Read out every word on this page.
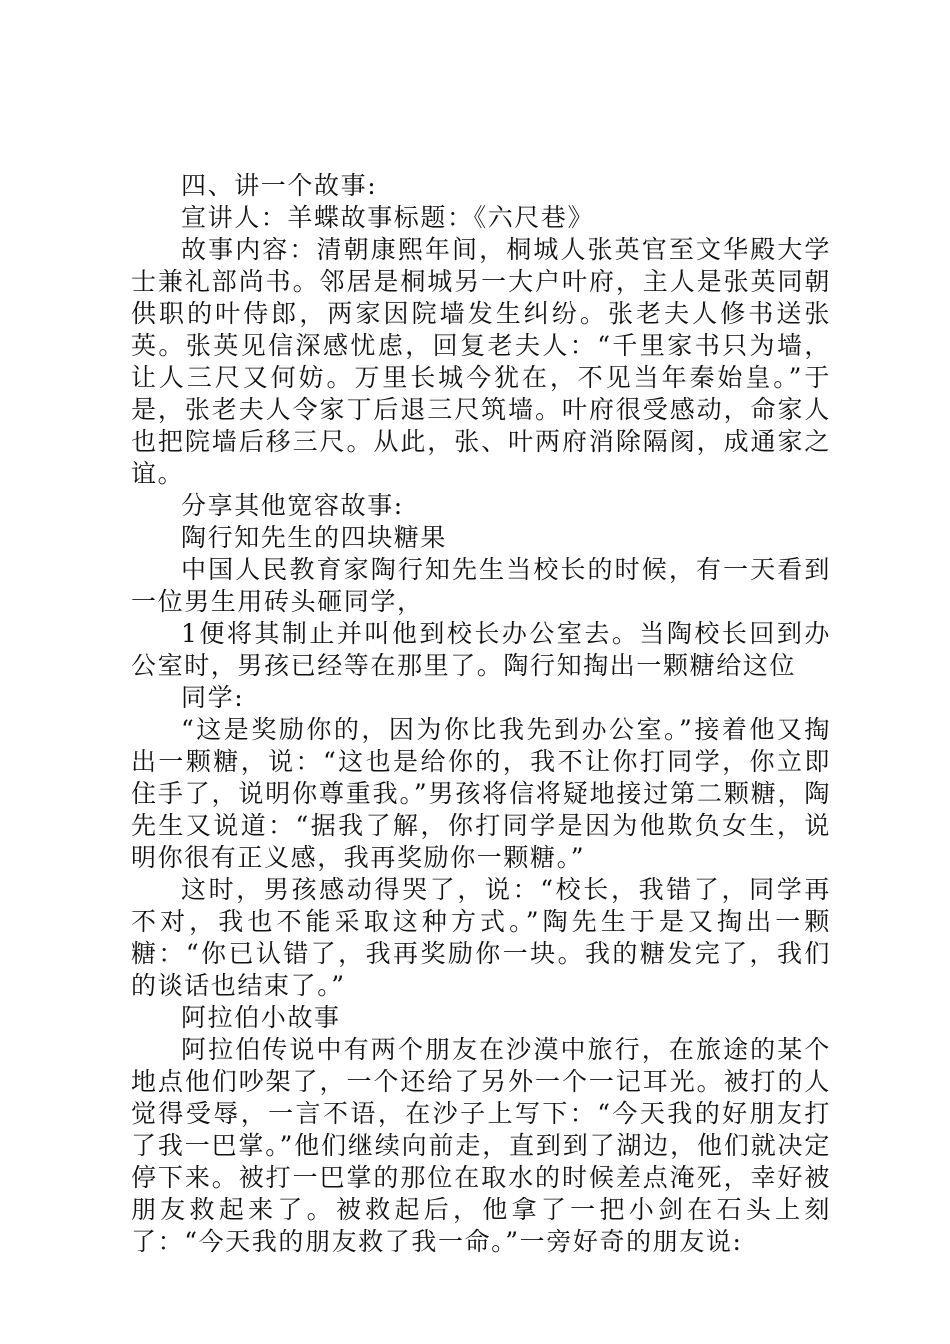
四、讲一个故事:

宣讲人：羊蝶故事标题：《六尺巷》

故事内容：清朝康熙年间，桐城人张英官至文华殿大学士兼礼部尚书。邻居是桐城另一大户叶府，主人是张英同朝供职的叶侍郎，两家因院墙发生纠纷。张老夫人修书送张英。张英见信深感忧虑，回复老夫人：“千里家书只为墙，让人三尺又何妨。万里长城今犹在，不见当年秦始皇。”于是，张老夫人令家丁后退三尺筑墙。叶府很受感动，命家人也把院墙后移三尺。从此，张、叶两府消除隔阂，成通家之谊。

分享其他宽容故事:

陶行知先生的四块糖果

中国人民教育家陶行知先生当校长的时候，有一天看到一位男生用砖头砸同学，

1便将其制止并叫他到校长办公室去。当陶校长回到办公室时，男孩已经等在那里了。陶行知掏出一颗糖给这位

同学:

“这是奖励你的，因为你比我先到办公室。”接着他又掏出一颗糖，说：“这也是给你的，我不让你打同学，你立即住手了，说明你尊重我。”男孩将信将疑地接过第二颗糖，陶先生又说道：“据我了解，你打同学是因为他欺负女生，说明你很有正义感，我再奖励你一颗糖。”

这时，男孩感动得哭了，说：“校长，我错了，同学再不对，我也不能采取这种方式。”陶先生于是又掏出一颗糖：“你已认错了，我再奖励你一块。我的糖发完了，我们的谈话也结束了。”

阿拉伯小故事

阿拉伯传说中有两个朋友在沙漠中旅行，在旅途的某个地点他们吵架了，一个还给了另外一个一记耳光。被打的人觉得受辱，一言不语，在沙子上写下：“今天我的好朋友打了我一巴掌。”他们继续向前走，直到到了湖边，他们就决定停下来。被打一巴掌的那位在取水的时候差点淹死，幸好被朋友救起来了。被救起后，他拿了一把小剑在石头上刻了：“今天我的朋友救了我一命。”一旁好奇的朋友说:
